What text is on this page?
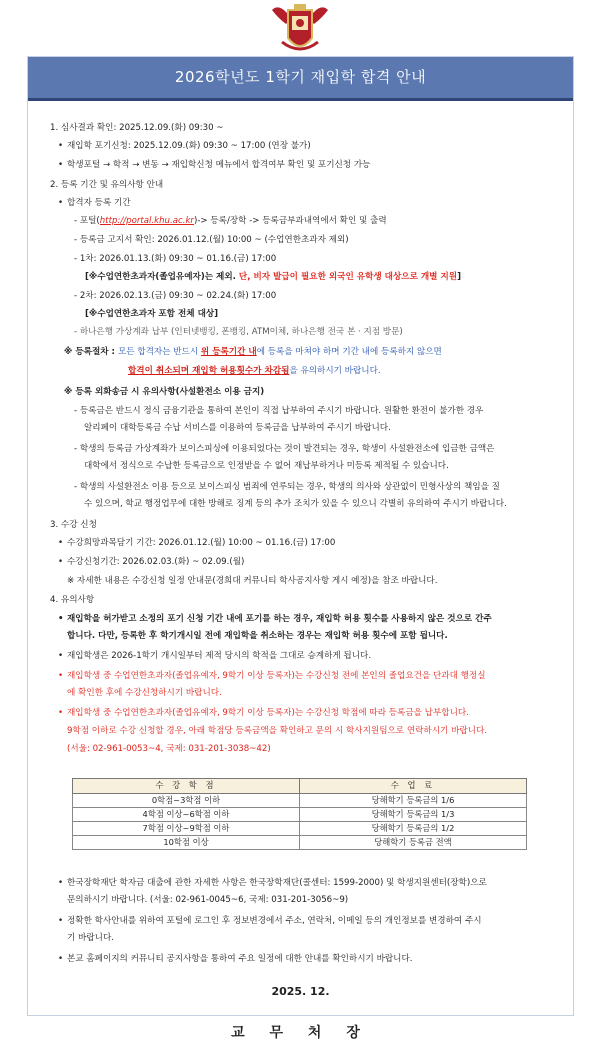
2026학년도 1학기 재입학 합격 안내
1. 심사결과 확인: 2025.12.09.(화) 09:30 ~
• 재입학 포기신청: 2025.12.09.(화) 09:30 ~ 17:00 (연장 불가)
• 학생포털 → 학적 → 변동 → 재입학신청 메뉴에서 합격여부 확인 및 포기신청 가능
2. 등록 기간 및 유의사항 안내
• 합격자 등록 기간
- 포털(http://portal.khu.ac.kr)-> 등록/장학 -> 등록금부과내역에서 확인 및 출력
- 등록금 고지서 확인: 2026.01.12.(월) 10:00 ~ (수업연한초과자 제외)
- 1차: 2026.01.13.(화) 09:30 ~ 01.16.(금) 17:00
[※수업연한초과자(졸업유예자)는 제외. 단, 비자 발급이 필요한 외국인 유학생 대상으로 개별 지원]
- 2차: 2026.02.13.(금) 09:30 ~ 02.24.(화) 17:00
[※수업연한초과자 포함 전체 대상]
- 하나은행 가상계좌 납부 (인터넷뱅킹, 폰뱅킹, ATM이체, 하나은행 전국 본 · 지점 방문)
※ 등록절차 : 모든 합격자는 반드시 위 등록기간 내에 등록을 마쳐야 하며 기간 내에 등록하지 않으면
합격이 취소되며 재입학 허용횟수가 차감됨을 유의하시기 바랍니다.
※ 등록 외화송금 시 유의사항(사설환전소 이용 금지)
- 등록금은 반드시 정식 금융기관을 통하여 본인이 직접 납부하여 주시기 바랍니다. 원활한 환전이 불가한 경우
알리페이 대학등록금 수납 서비스를 이용하여 등록금을 납부하여 주시기 바랍니다.
- 학생의 등록금 가상계좌가 보이스피싱에 이용되었다는 것이 발견되는 경우, 학생이 사설환전소에 입금한 금액은
대학에서 정식으로 수납한 등록금으로 인정받을 수 없어 재납부하거나 미등록 제적될 수 있습니다.
- 학생의 사설환전소 이용 등으로 보이스피싱 범죄에 연루되는 경우, 학생의 의사와 상관없이 민형사상의 책임을 질
수 있으며, 학교 행정업무에 대한 방해로 징계 등의 추가 조치가 있을 수 있으니 각별히 유의하여 주시기 바랍니다.
3. 수강 신청
• 수강희망과목담기 기간: 2026.01.12.(월) 10:00 ~ 01.16.(금) 17:00
• 수강신청기간: 2026.02.03.(화) ~ 02.09.(월)
※ 자세한 내용은 수강신청 일정 안내문(경희대 커뮤니티 학사공지사항 게시 예정)을 참조 바랍니다.
4. 유의사항
• 재입학을 허가받고 소정의 포기 신청 기간 내에 포기를 하는 경우, 재입학 허용 횟수를 사용하지 않은 것으로 간주
합니다. 다만, 등록한 후 학기개시일 전에 재입학을 취소하는 경우는 재입학 허용 횟수에 포함 됩니다.
• 재입학생은 2026-1학기 개시일부터 제적 당시의 학적을 그대로 승계하게 됩니다.
• 재입학생 중 수업연한초과자(졸업유예자, 9학기 이상 등록자)는 수강신청 전에 본인의 졸업요건을 단과대 행정실
에 확인한 후에 수강신청하시기 바랍니다.
• 재입학생 중 수업연한초과자(졸업유예자, 9학기 이상 등록자)는 수강신청 학점에 따라 등록금을 납부합니다.
9학점 이하로 수강 신청할 경우, 아래 학점당 등록금액을 확인하고 문의 시 학사지원팀으로 연락하시기 바랍니다.
(서울: 02-961-0053~4, 국제: 031-201-3038~42)
수 강 학 점	수 업 료
0학점~3학점 이하	당해학기 등록금의 1/6
4학점 이상~6학점 이하	당해학기 등록금의 1/3
7학점 이상~9학점 이하	당해학기 등록금의 1/2
10학점 이상	당해학기 등록금 전액
• 한국장학재단 학자금 대출에 관한 자세한 사항은 한국장학재단(콜센터: 1599-2000) 및 학생지원센터(장학)으로
문의하시기 바랍니다. (서울: 02-961-0045~6, 국제: 031-201-3056~9)
• 정확한 학사안내를 위하여 포털에 로그인 후 정보변경에서 주소, 연락처, 이메일 등의 개인정보를 변경하여 주시
기 바랍니다.
• 본교 홈페이지의 커뮤니티 공지사항을 통하여 주요 일정에 대한 안내를 확인하시기 바랍니다.
2025. 12.
교 무 처 장
